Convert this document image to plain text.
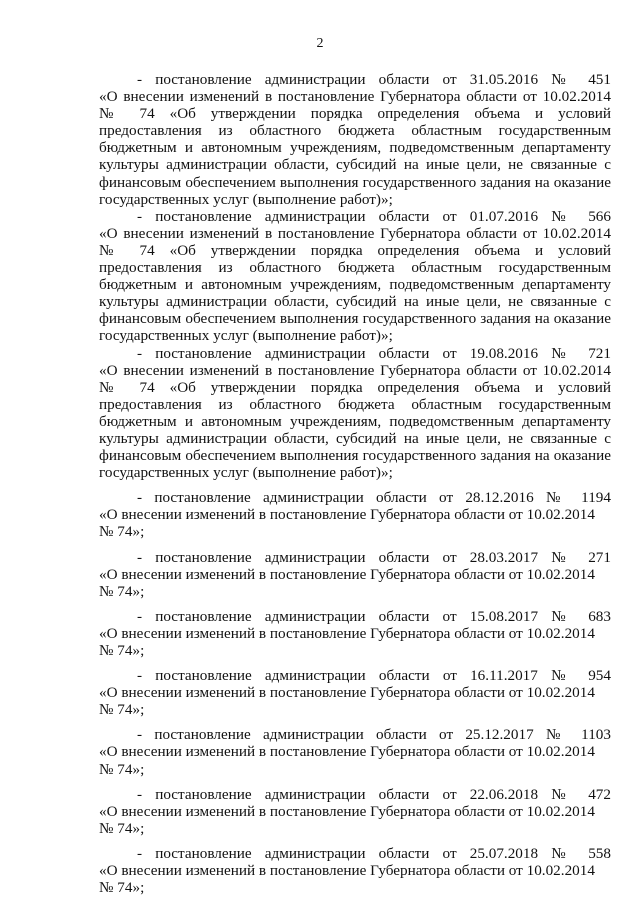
2

- постановление администрации области от 31.05.2016 № 451
«О внесении изменений в постановление Губернатора области от 10.02.2014 № 74 «Об утверждении порядка определения объема и условий предоставления из областного бюджета областным государственным бюджетным и автономным учреждениям, подведомственным департаменту культуры администрации области, субсидий на иные цели, не связанные с финансовым обеспечением выполнения государственного задания на оказание государственных услуг (выполнение работ)»;

- постановление администрации области от 01.07.2016 № 566
«О внесении изменений в постановление Губернатора области от 10.02.2014 № 74 «Об утверждении порядка определения объема и условий предоставления из областного бюджета областным государственным бюджетным и автономным учреждениям, подведомственным департаменту культуры администрации области, субсидий на иные цели, не связанные с финансовым обеспечением выполнения государственного задания на оказание государственных услуг (выполнение работ)»;

- постановление администрации области от 19.08.2016 № 721
«О внесении изменений в постановление Губернатора области от 10.02.2014 № 74 «Об утверждении порядка определения объема и условий предоставления из областного бюджета областным государственным бюджетным и автономным учреждениям, подведомственным департаменту культуры администрации области, субсидий на иные цели, не связанные с финансовым обеспечением выполнения государственного задания на оказание государственных услуг (выполнение работ)»;

- постановление администрации области от 28.12.2016 № 1194
«О внесении изменений в постановление Губернатора области от 10.02.2014 № 74»;

- постановление администрации области от 28.03.2017 № 271
«О внесении изменений в постановление Губернатора области от 10.02.2014 № 74»;

- постановление администрации области от 15.08.2017 № 683
«О внесении изменений в постановление Губернатора области от 10.02.2014 № 74»;

- постановление администрации области от 16.11.2017 № 954
«О внесении изменений в постановление Губернатора области от 10.02.2014 № 74»;

- постановление администрации области от 25.12.2017 № 1103
«О внесении изменений в постановление Губернатора области от 10.02.2014 № 74»;

- постановление администрации области от 22.06.2018 № 472
«О внесении изменений в постановление Губернатора области от 10.02.2014 № 74»;

- постановление администрации области от 25.07.2018 № 558
«О внесении изменений в постановление Губернатора области от 10.02.2014 № 74»;
